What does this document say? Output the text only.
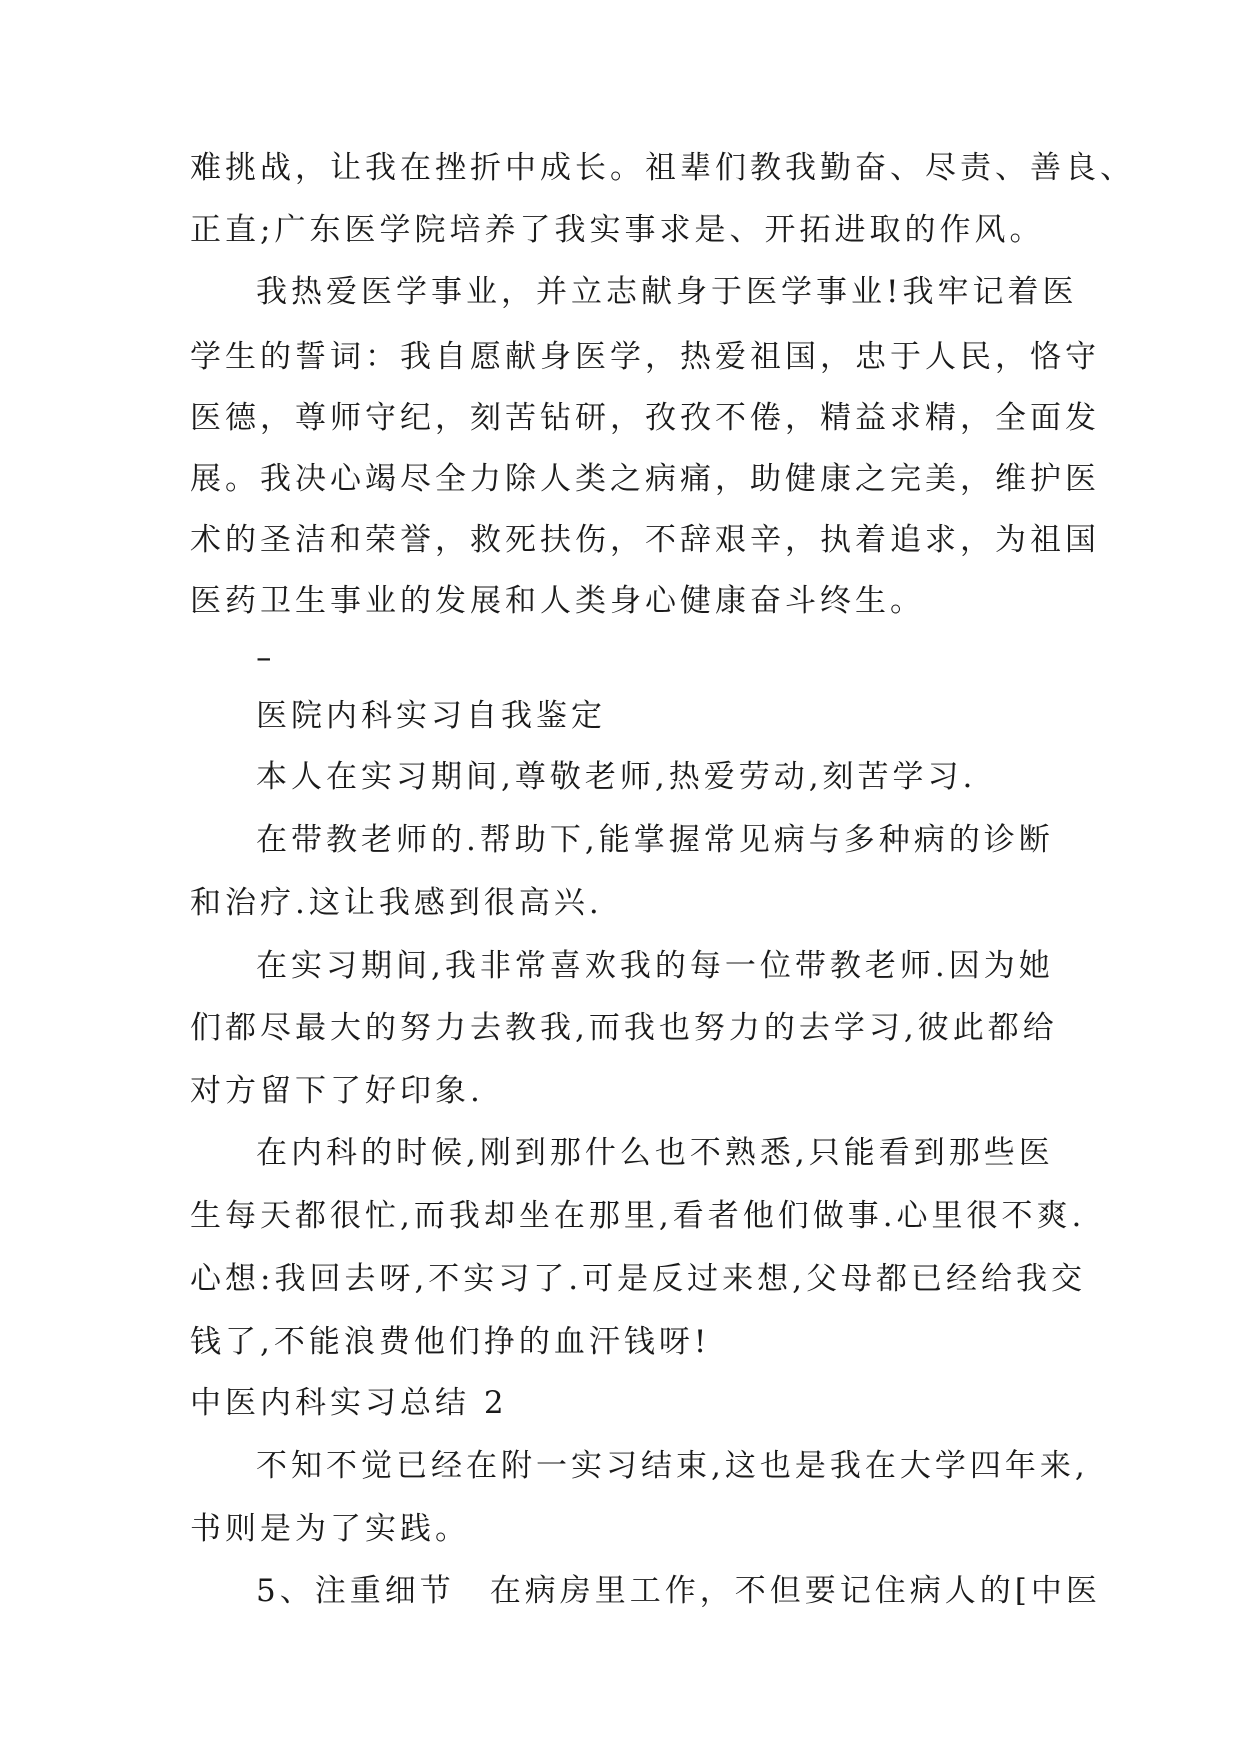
难挑战，让我在挫折中成长。祖辈们教我勤奋、尽责、善良、
正直;广东医学院培养了我实事求是、开拓进取的作风。
我热爱医学事业，并立志献身于医学事业!我牢记着医
学生的誓词：我自愿献身医学，热爱祖国，忠于人民，恪守
医德，尊师守纪，刻苦钻研，孜孜不倦，精益求精，全面发
展。我决心竭尽全力除人类之病痛，助健康之完美，维护医
术的圣洁和荣誉，救死扶伤，不辞艰辛，执着追求，为祖国
医药卫生事业的发展和人类身心健康奋斗终生。
–
医院内科实习自我鉴定
本人在实习期间,尊敬老师,热爱劳动,刻苦学习.
在带教老师的.帮助下,能掌握常见病与多种病的诊断
和治疗.这让我感到很高兴.
在实习期间,我非常喜欢我的每一位带教老师.因为她
们都尽最大的努力去教我,而我也努力的去学习,彼此都给
对方留下了好印象.
在内科的时候,刚到那什么也不熟悉,只能看到那些医
生每天都很忙,而我却坐在那里,看者他们做事.心里很不爽.
心想:我回去呀,不实习了.可是反过来想,父母都已经给我交
钱了,不能浪费他们挣的血汗钱呀!
中医内科实习总结 2
不知不觉已经在附一实习结束,这也是我在大学四年来,
书则是为了实践。
5、注重细节　在病房里工作，不但要记住病人的[中医
